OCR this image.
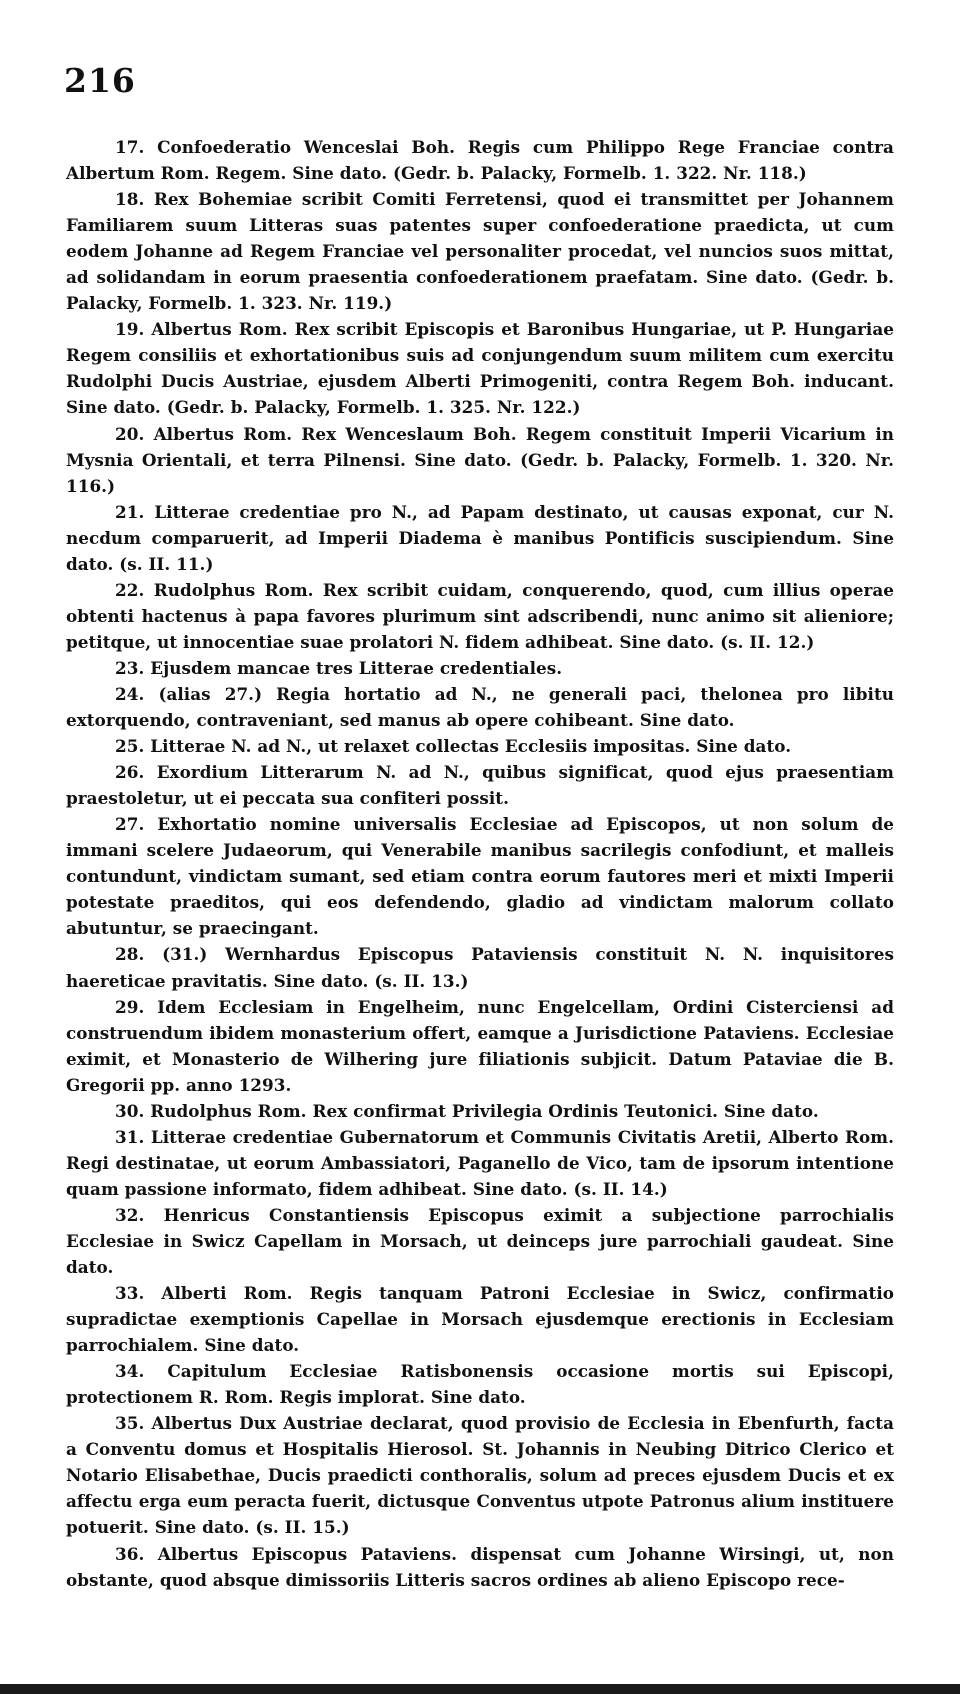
216

17. Confoederatio Wenceslai Boh. Regis cum Philippo Rege Franciae contra Albertum Rom. Regem. Sine dato. (Gedr. b. Palacky, Formelb. 1. 322. Nr. 118.)

18. Rex Bohemiae scribit Comiti Ferretensi, quod ei transmittet per Johannem Familiarem suum Litteras suas patentes super confoederatione praedicta, ut cum eodem Johanne ad Regem Franciae vel personaliter procedat, vel nuncios suos mittat, ad solidandam in eorum praesentia confoederationem praefatam. Sine dato. (Gedr. b. Palacky, Formelb. 1. 323. Nr. 119.)

19. Albertus Rom. Rex scribit Episcopis et Baronibus Hungariae, ut P. Hungariae Regem consiliis et exhortationibus suis ad conjungendum suum militem cum exercitu Rudolphi Ducis Austriae, ejusdem Alberti Primogeniti, contra Regem Boh. inducant. Sine dato. (Gedr. b. Palacky, Formelb. 1. 325. Nr. 122.)

20. Albertus Rom. Rex Wenceslaum Boh. Regem constituit Imperii Vicarium in Mysnia Orientali, et terra Pilnensi. Sine dato. (Gedr. b. Palacky, Formelb. 1. 320. Nr. 116.)

21. Litterae credentiae pro N., ad Papam destinato, ut causas exponat, cur N. necdum comparuerit, ad Imperii Diadema è manibus Pontificis suscipiendum. Sine dato. (s. II. 11.)

22. Rudolphus Rom. Rex scribit cuidam, conquerendo, quod, cum illius operae obtenti hactenus à papa favores plurimum sint adscribendi, nunc animo sit alieniore; petitque, ut innocentiae suae prolatori N. fidem adhibeat. Sine dato. (s. II. 12.)

23. Ejusdem mancae tres Litterae credentiales.

24. (alias 27.) Regia hortatio ad N., ne generali paci, thelonea pro libitu extorquendo, contraveniant, sed manus ab opere cohibeant. Sine dato.

25. Litterae N. ad N., ut relaxet collectas Ecclesiis impositas. Sine dato.

26. Exordium Litterarum N. ad N., quibus significat, quod ejus praesentiam praestoletur, ut ei peccata sua confiteri possit.

27. Exhortatio nomine universalis Ecclesiae ad Episcopos, ut non solum de immani scelere Judaeorum, qui Venerabile manibus sacrilegis confodiunt, et malleis contundunt, vindictam sumant, sed etiam contra eorum fautores meri et mixti Imperii potestate praeditos, qui eos defendendo, gladio ad vindictam malorum collato abutuntur, se praecingant.

28. (31.) Wernhardus Episcopus Pataviensis constituit N. N. inquisitores haereticae pravitatis. Sine dato. (s. II. 13.)

29. Idem Ecclesiam in Engelheim, nunc Engelcellam, Ordini Cisterciensi ad construendum ibidem monasterium offert, eamque a Jurisdictione Pataviens. Ecclesiae eximit, et Monasterio de Wilhering jure filiationis subjicit. Datum Pataviae die B. Gregorii pp. anno 1293.

30. Rudolphus Rom. Rex confirmat Privilegia Ordinis Teutonici. Sine dato.

31. Litterae credentiae Gubernatorum et Communis Civitatis Aretii, Alberto Rom. Regi destinatae, ut eorum Ambassiatori, Paganello de Vico, tam de ipsorum intentione quam passione informato, fidem adhibeat. Sine dato. (s. II. 14.)

32. Henricus Constantiensis Episcopus eximit a subjectione parrochialis Ecclesiae in Swicz Capellam in Morsach, ut deinceps jure parrochiali gaudeat. Sine dato.

33. Alberti Rom. Regis tanquam Patroni Ecclesiae in Swicz, confirmatio supradictae exemptionis Capellae in Morsach ejusdemque erectionis in Ecclesiam parrochialem. Sine dato.

34. Capitulum Ecclesiae Ratisbonensis occasione mortis sui Episcopi, protectionem R. Rom. Regis implorat. Sine dato.

35. Albertus Dux Austriae declarat, quod provisio de Ecclesia in Ebenfurth, facta a Conventu domus et Hospitalis Hierosol. St. Johannis in Neubing Ditrico Clerico et Notario Elisabethae, Ducis praedicti conthoralis, solum ad preces ejusdem Ducis et ex affectu erga eum peracta fuerit, dictusque Conventus utpote Patronus alium instituere potuerit. Sine dato. (s. II. 15.)

36. Albertus Episcopus Pataviens. dispensat cum Johanne Wirsingi, ut, non obstante, quod absque dimissoriis Litteris sacros ordines ab alieno Episcopo rece-
